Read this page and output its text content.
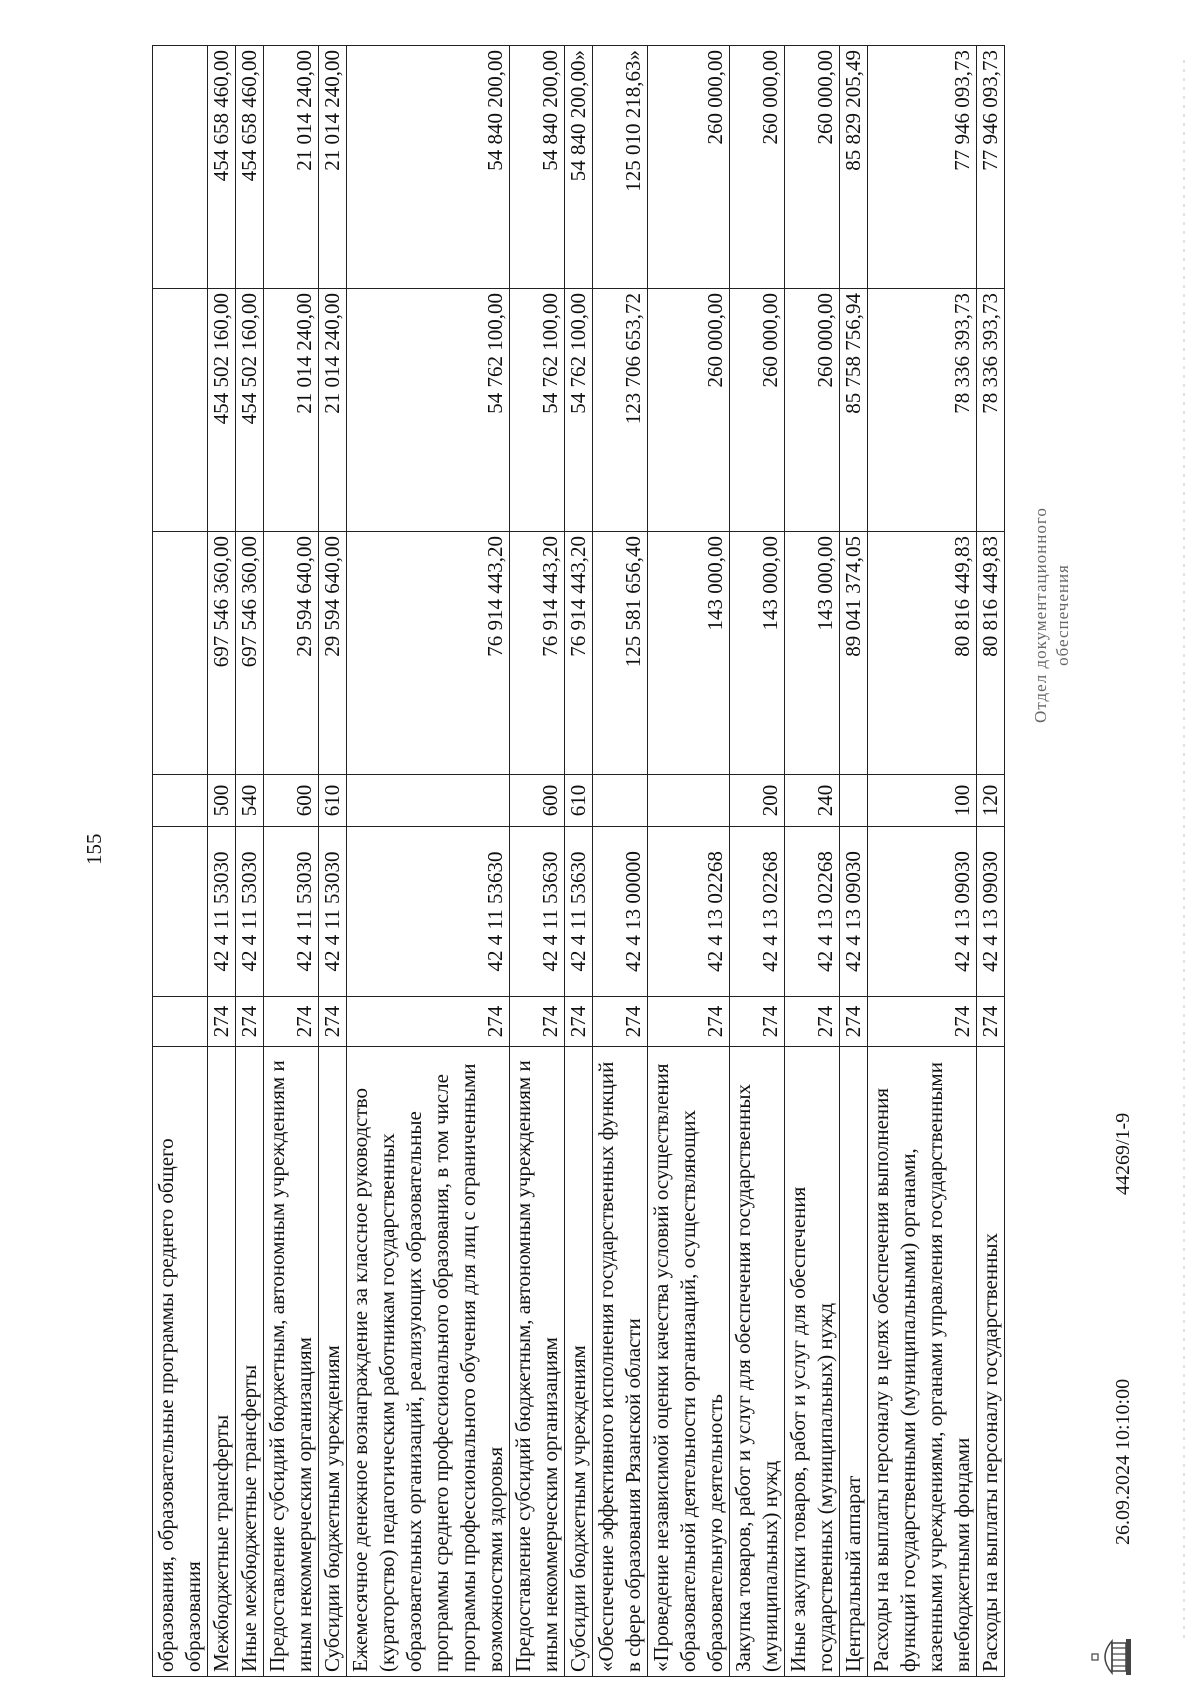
155
образования, образовательные программы среднего общего образования						
Межбюджетные трансферты	274	42 4 11 53030	500	697 546 360,00	454 502 160,00	454 658 460,00
Иные межбюджетные трансферты	274	42 4 11 53030	540	697 546 360,00	454 502 160,00	454 658 460,00
Предоставление субсидий бюджетным, автономным учреждениям и иным некоммерческим организациям	274	42 4 11 53030	600	29 594 640,00	21 014 240,00	21 014 240,00
Субсидии бюджетным учреждениям	274	42 4 11 53030	610	29 594 640,00	21 014 240,00	21 014 240,00
Ежемесячное денежное вознаграждение за классное руководство (кураторство) педагогическим работникам государственных образовательных организаций, реализующих образовательные программы среднего профессионального образования, в том числе программы профессионального обучения для лиц с ограниченными возможностями здоровья	274	42 4 11 53630		76 914 443,20	54 762 100,00	54 840 200,00
Предоставление субсидий бюджетным, автономным учреждениям и иным некоммерческим организациям	274	42 4 11 53630	600	76 914 443,20	54 762 100,00	54 840 200,00
Субсидии бюджетным учреждениям	274	42 4 11 53630	610	76 914 443,20	54 762 100,00	54 840 200,00»
«Обеспечение эффективного исполнения государственных функций в сфере образования Рязанской области	274	42 4 13 00000		125 581 656,40	123 706 653,72	125 010 218,63»
«Проведение независимой оценки качества условий осуществления образовательной деятельности организаций, осуществляющих образовательную деятельность	274	42 4 13 02268		143 000,00	260 000,00	260 000,00
Закупка товаров, работ и услуг для обеспечения государственных (муниципальных) нужд	274	42 4 13 02268	200	143 000,00	260 000,00	260 000,00
Иные закупки товаров, работ и услуг для обеспечения государственных (муниципальных) нужд	274	42 4 13 02268	240	143 000,00	260 000,00	260 000,00
Центральный аппарат	274	42 4 13 09030		89 041 374,05	85 758 756,94	85 829 205,49
Расходы на выплаты персоналу в целях обеспечения выполнения функций государственными (муниципальными) органами, казенными учреждениями, органами управления государственными внебюджетными фондами	274	42 4 13 09030	100	80 816 449,83	78 336 393,73	77 946 093,73
Расходы на выплаты персоналу государственных	274	42 4 13 09030	120	80 816 449,83	78 336 393,73	77 946 093,73
26.09.2024 10:10:00
44269/1-9
Отдел документационного обеспечения
